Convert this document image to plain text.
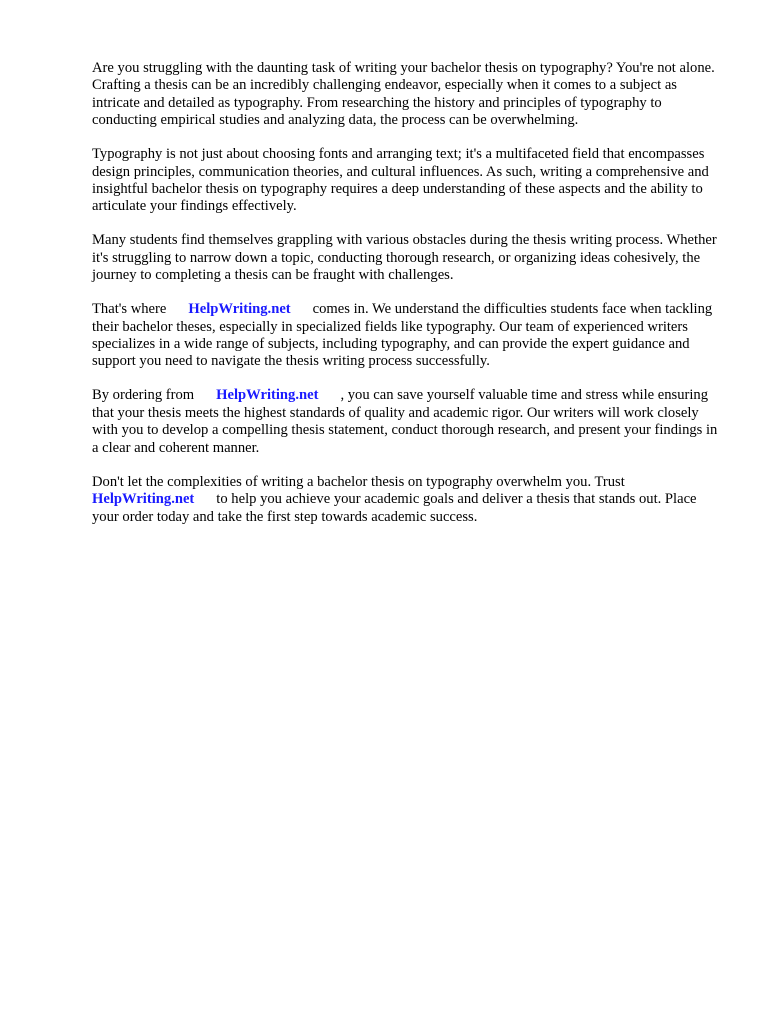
Are you struggling with the daunting task of writing your bachelor thesis on typography? You're not alone. Crafting a thesis can be an incredibly challenging endeavor, especially when it comes to a subject as intricate and detailed as typography. From researching the history and principles of typography to conducting empirical studies and analyzing data, the process can be overwhelming.

Typography is not just about choosing fonts and arranging text; it's a multifaceted field that encompasses design principles, communication theories, and cultural influences. As such, writing a comprehensive and insightful bachelor thesis on typography requires a deep understanding of these aspects and the ability to articulate your findings effectively.

Many students find themselves grappling with various obstacles during the thesis writing process. Whether it's struggling to narrow down a topic, conducting thorough research, or organizing ideas cohesively, the journey to completing a thesis can be fraught with challenges.

That's where HelpWriting.net comes in. We understand the difficulties students face when tackling their bachelor theses, especially in specialized fields like typography. Our team of experienced writers specializes in a wide range of subjects, including typography, and can provide the expert guidance and support you need to navigate the thesis writing process successfully.

By ordering from HelpWriting.net , you can save yourself valuable time and stress while ensuring that your thesis meets the highest standards of quality and academic rigor. Our writers will work closely with you to develop a compelling thesis statement, conduct thorough research, and present your findings in a clear and coherent manner.

Don't let the complexities of writing a bachelor thesis on typography overwhelm you. Trust HelpWriting.net to help you achieve your academic goals and deliver a thesis that stands out. Place your order today and take the first step towards academic success.
